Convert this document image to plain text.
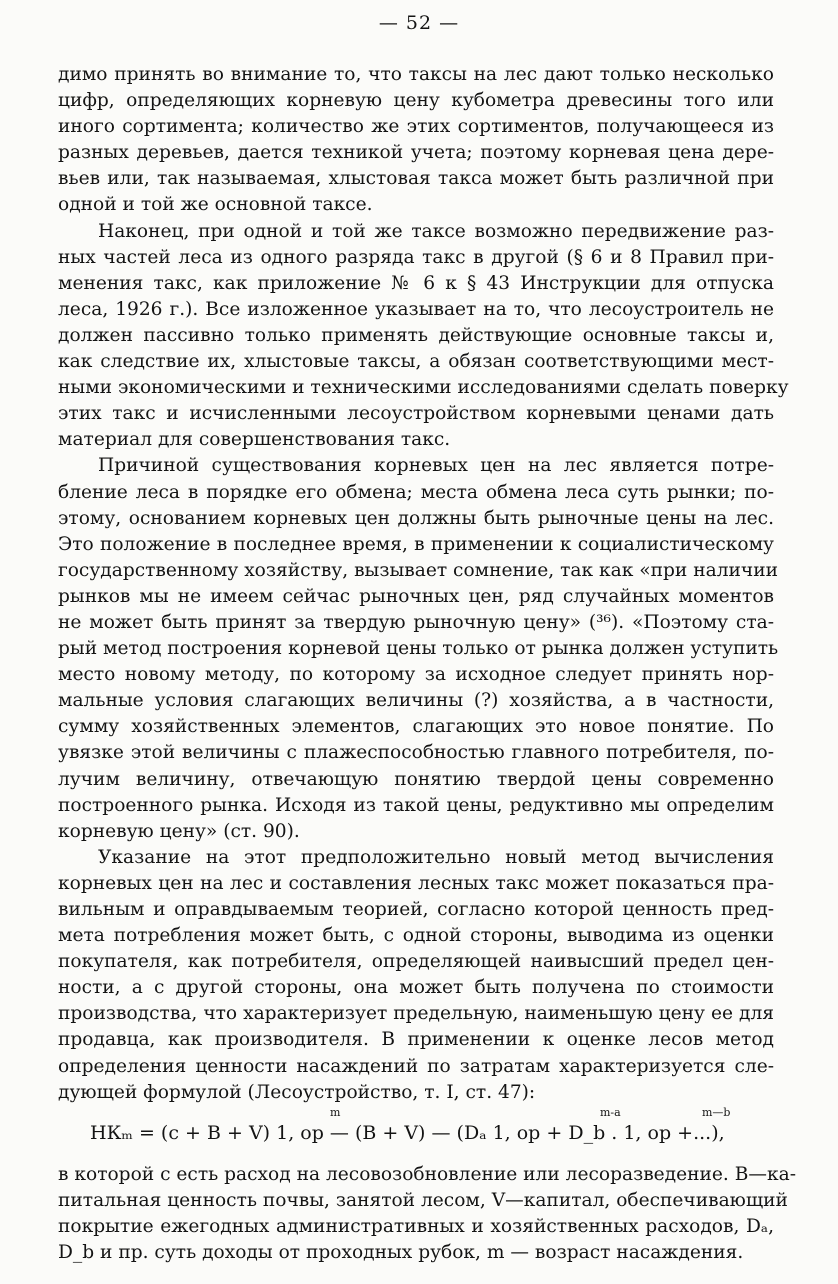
— 52 —
димо принять во внимание то, что таксы на лес дают только несколько
цифр, определяющих корневую цену кубометра древесины того или
иного сортимента; количество же этих сортиментов, получающееся из
разных деревьев, дается техникой учета; поэтому корневая цена дере-
вьев или, так называемая, хлыстовая такса может быть различной при
одной и той же основной таксе.
Наконец, при одной и той же таксе возможно передвижение раз-
ных частей леса из одного разряда такс в другой (§ 6 и 8 Правил при-
менения такс, как приложение № 6 к § 43 Инструкции для отпуска
леса, 1926 г.). Все изложенное указывает на то, что лесоустроитель не
должен пассивно только применять действующие основные таксы и,
как следствие их, хлыстовые таксы, а обязан соответствующими мест-
ными экономическими и техническими исследованиями сделать поверку
этих такс и исчисленными лесоустройством корневыми ценами дать
материал для совершенствования такс.
Причиной существования корневых цен на лес является потре-
бление леса в порядке его обмена; места обмена леса суть рынки; по-
этому, основанием корневых цен должны быть рыночные цены на лес.
Это положение в последнее время, в применении к социалистическому
государственному хозяйству, вызывает сомнение, так как «при наличии
рынков мы не имеем сейчас рыночных цен, ряд случайных моментов
не может быть принят за твердую рыночную цену» (³⁶). «Поэтому ста-
рый метод построения корневой цены только от рынка должен уступить
место новому методу, по которому за исходное следует принять нор-
мальные условия слагающих величины (?) хозяйства, а в частности,
сумму хозяйственных элементов, слагающих это новое понятие. По
увязке этой величины с плажеспособностью главного потребителя, по-
лучим величину, отвечающую понятию твердой цены современно
построенного рынка. Исходя из такой цены, редуктивно мы определим
корневую цену» (ст. 90).
Указание на этот предположительно новый метод вычисления
корневых цен на лес и составления лесных такс может показаться пра-
вильным и оправдываемым теорией, согласно которой ценность пред-
мета потребления может быть, с одной стороны, выводима из оценки
покупателя, как потребителя, определяющей наивысший предел цен-
ности, а с другой стороны, она может быть получена по стоимости
производства, что характеризует предельную, наименьшую цену ее для
продавца, как производителя. В применении к оценке лесов метод
определения ценности насаждений по затратам характеризуется сле-
дующей формулой (Лесоустройство, т. I, ст. 47):
m	m-a	m—b
НКₘ = (c + B + V) 1, op — (B + V) — (Dₐ 1, op + D_b . 1, op +...),
в которой с есть расход на лесовозобновление или лесоразведение. В—ка-
питальная ценность почвы, занятой лесом, V—капитал, обеспечивающий
покрытие ежегодных административных и хозяйственных расходов, Dₐ,
D_b и пр. суть доходы от проходных рубок, m — возраст насаждения.
